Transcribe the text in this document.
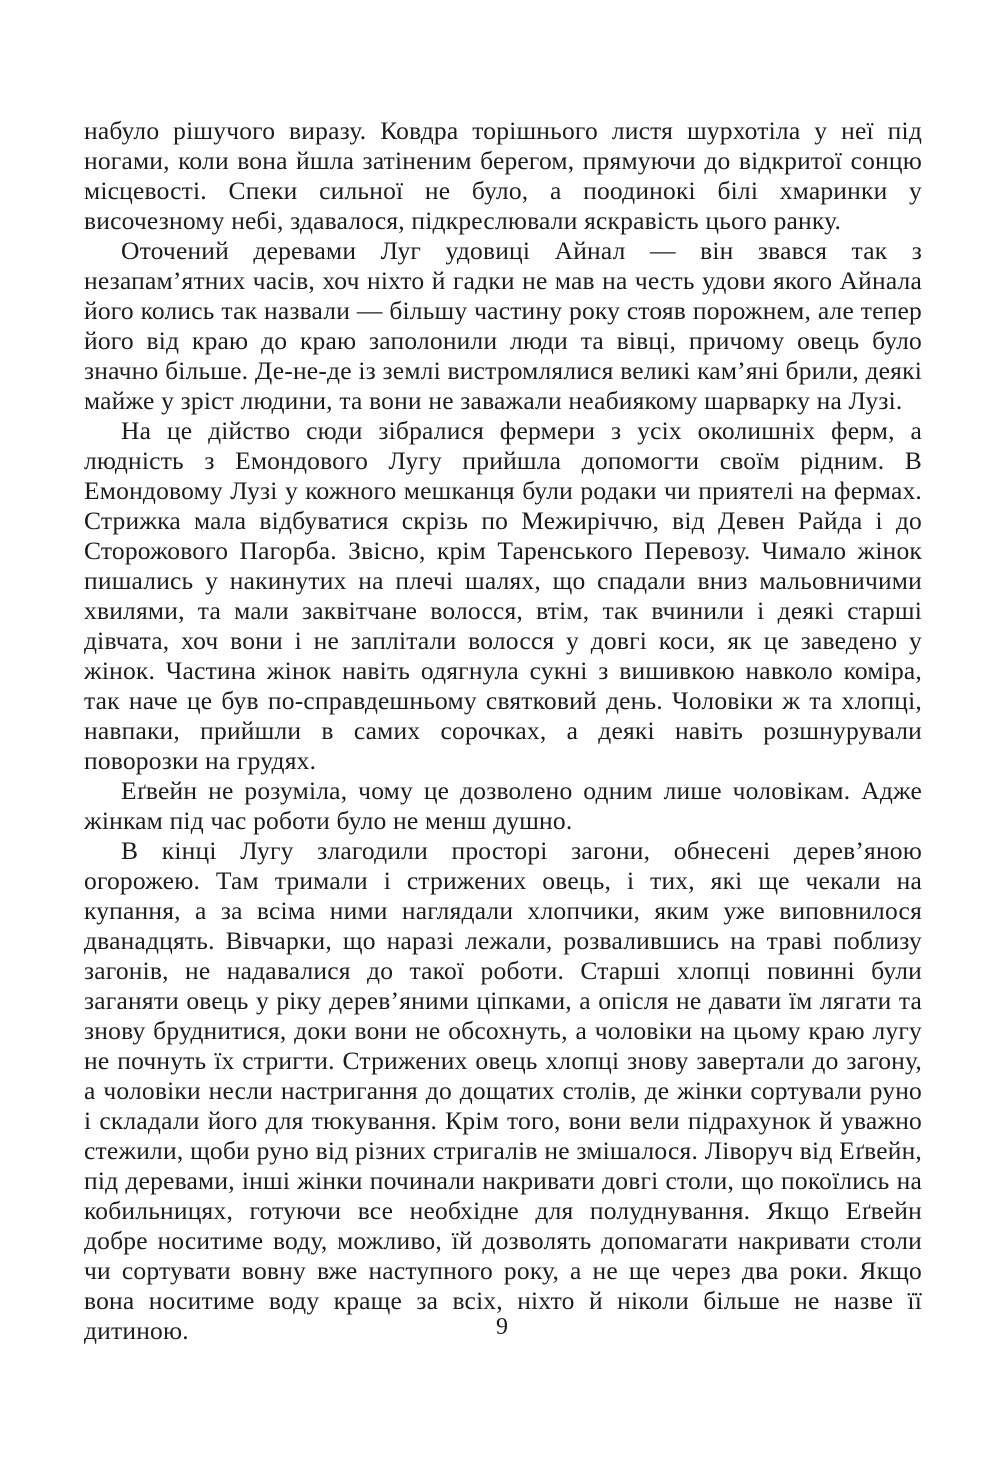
набуло рішучого виразу. Ковдра торішнього листя шурхотіла у неї під ногами, коли вона йшла затіненим берегом, прямуючи до відкритої сонцю місцевості. Спеки сильної не було, а поодинокі білі хмаринки у височезному небі, здавалося, підкреслювали яскравість цього ранку.

Оточений деревами Луг удовиці Айнал — він звався так з незапам’ятних часів, хоч ніхто й гадки не мав на честь удови якого Айнала його колись так назвали — більшу частину року стояв порожнем, але тепер його від краю до краю заполонили люди та вівці, причому овець було значно більше. Де-не-де із землі вистромлялися великі кам’яні брили, деякі майже у зріст людини, та вони не заважали неабиякому шарварку на Лузі.

На це дійство сюди зібралися фермери з усіх околишніх ферм, а людність з Емондового Лугу прийшла допомогти своїм рідним. В Емондовому Лузі у кожного мешканця були родаки чи приятелі на фермах. Стрижка мала відбуватися скрізь по Межиріччю, від Девен Райда і до Сторожового Пагорба. Звісно, крім Таренського Перевозу. Чимало жінок пишались у накинутих на плечі шалях, що спадали вниз мальовничими хвилями, та мали заквітчане волосся, втім, так вчинили і деякі старші дівчата, хоч вони і не заплітали волосся у довгі коси, як це заведено у жінок. Частина жінок навіть одягнула сукні з вишивкою навколо коміра, так наче це був по-справдешньому святковий день. Чоловіки ж та хлопці, навпаки, прийшли в самих сорочках, а деякі навіть розшнурували поворозки на грудях.

Еґвейн не розуміла, чому це дозволено одним лише чоловікам. Адже жінкам під час роботи було не менш душно.

В кінці Лугу злагодили просторі загони, обнесені дерев’яною огорожею. Там тримали і стрижених овець, і тих, які ще чекали на купання, а за всіма ними наглядали хлопчики, яким уже виповнилося дванадцять. Вівчарки, що наразі лежали, розвалившись на траві поблизу загонів, не надавалися до такої роботи. Старші хлопці повинні були заганяти овець у ріку дерев’яними ціпками, а опісля не давати їм лягати та знову бруднитися, доки вони не обсохнуть, а чоловіки на цьому краю лугу не почнуть їх стригти. Стрижених овець хлопці знову завертали до загону, а чоловіки несли настригання до дощатих столів, де жінки сортували руно і складали його для тюкування. Крім того, вони вели підрахунок й уважно стежили, щоби руно від різних стригалів не змішалося. Ліворуч від Еґвейн, під деревами, інші жінки починали накривати довгі столи, що покоїлись на кобильницях, готуючи все необхідне для полуднування. Якщо Еґвейн добре носитиме воду, можливо, їй дозволять допомагати накривати столи чи сортувати вовну вже наступного року, а не ще через два роки. Якщо вона носитиме воду краще за всіх, ніхто й ніколи більше не назве її дитиною.	9
